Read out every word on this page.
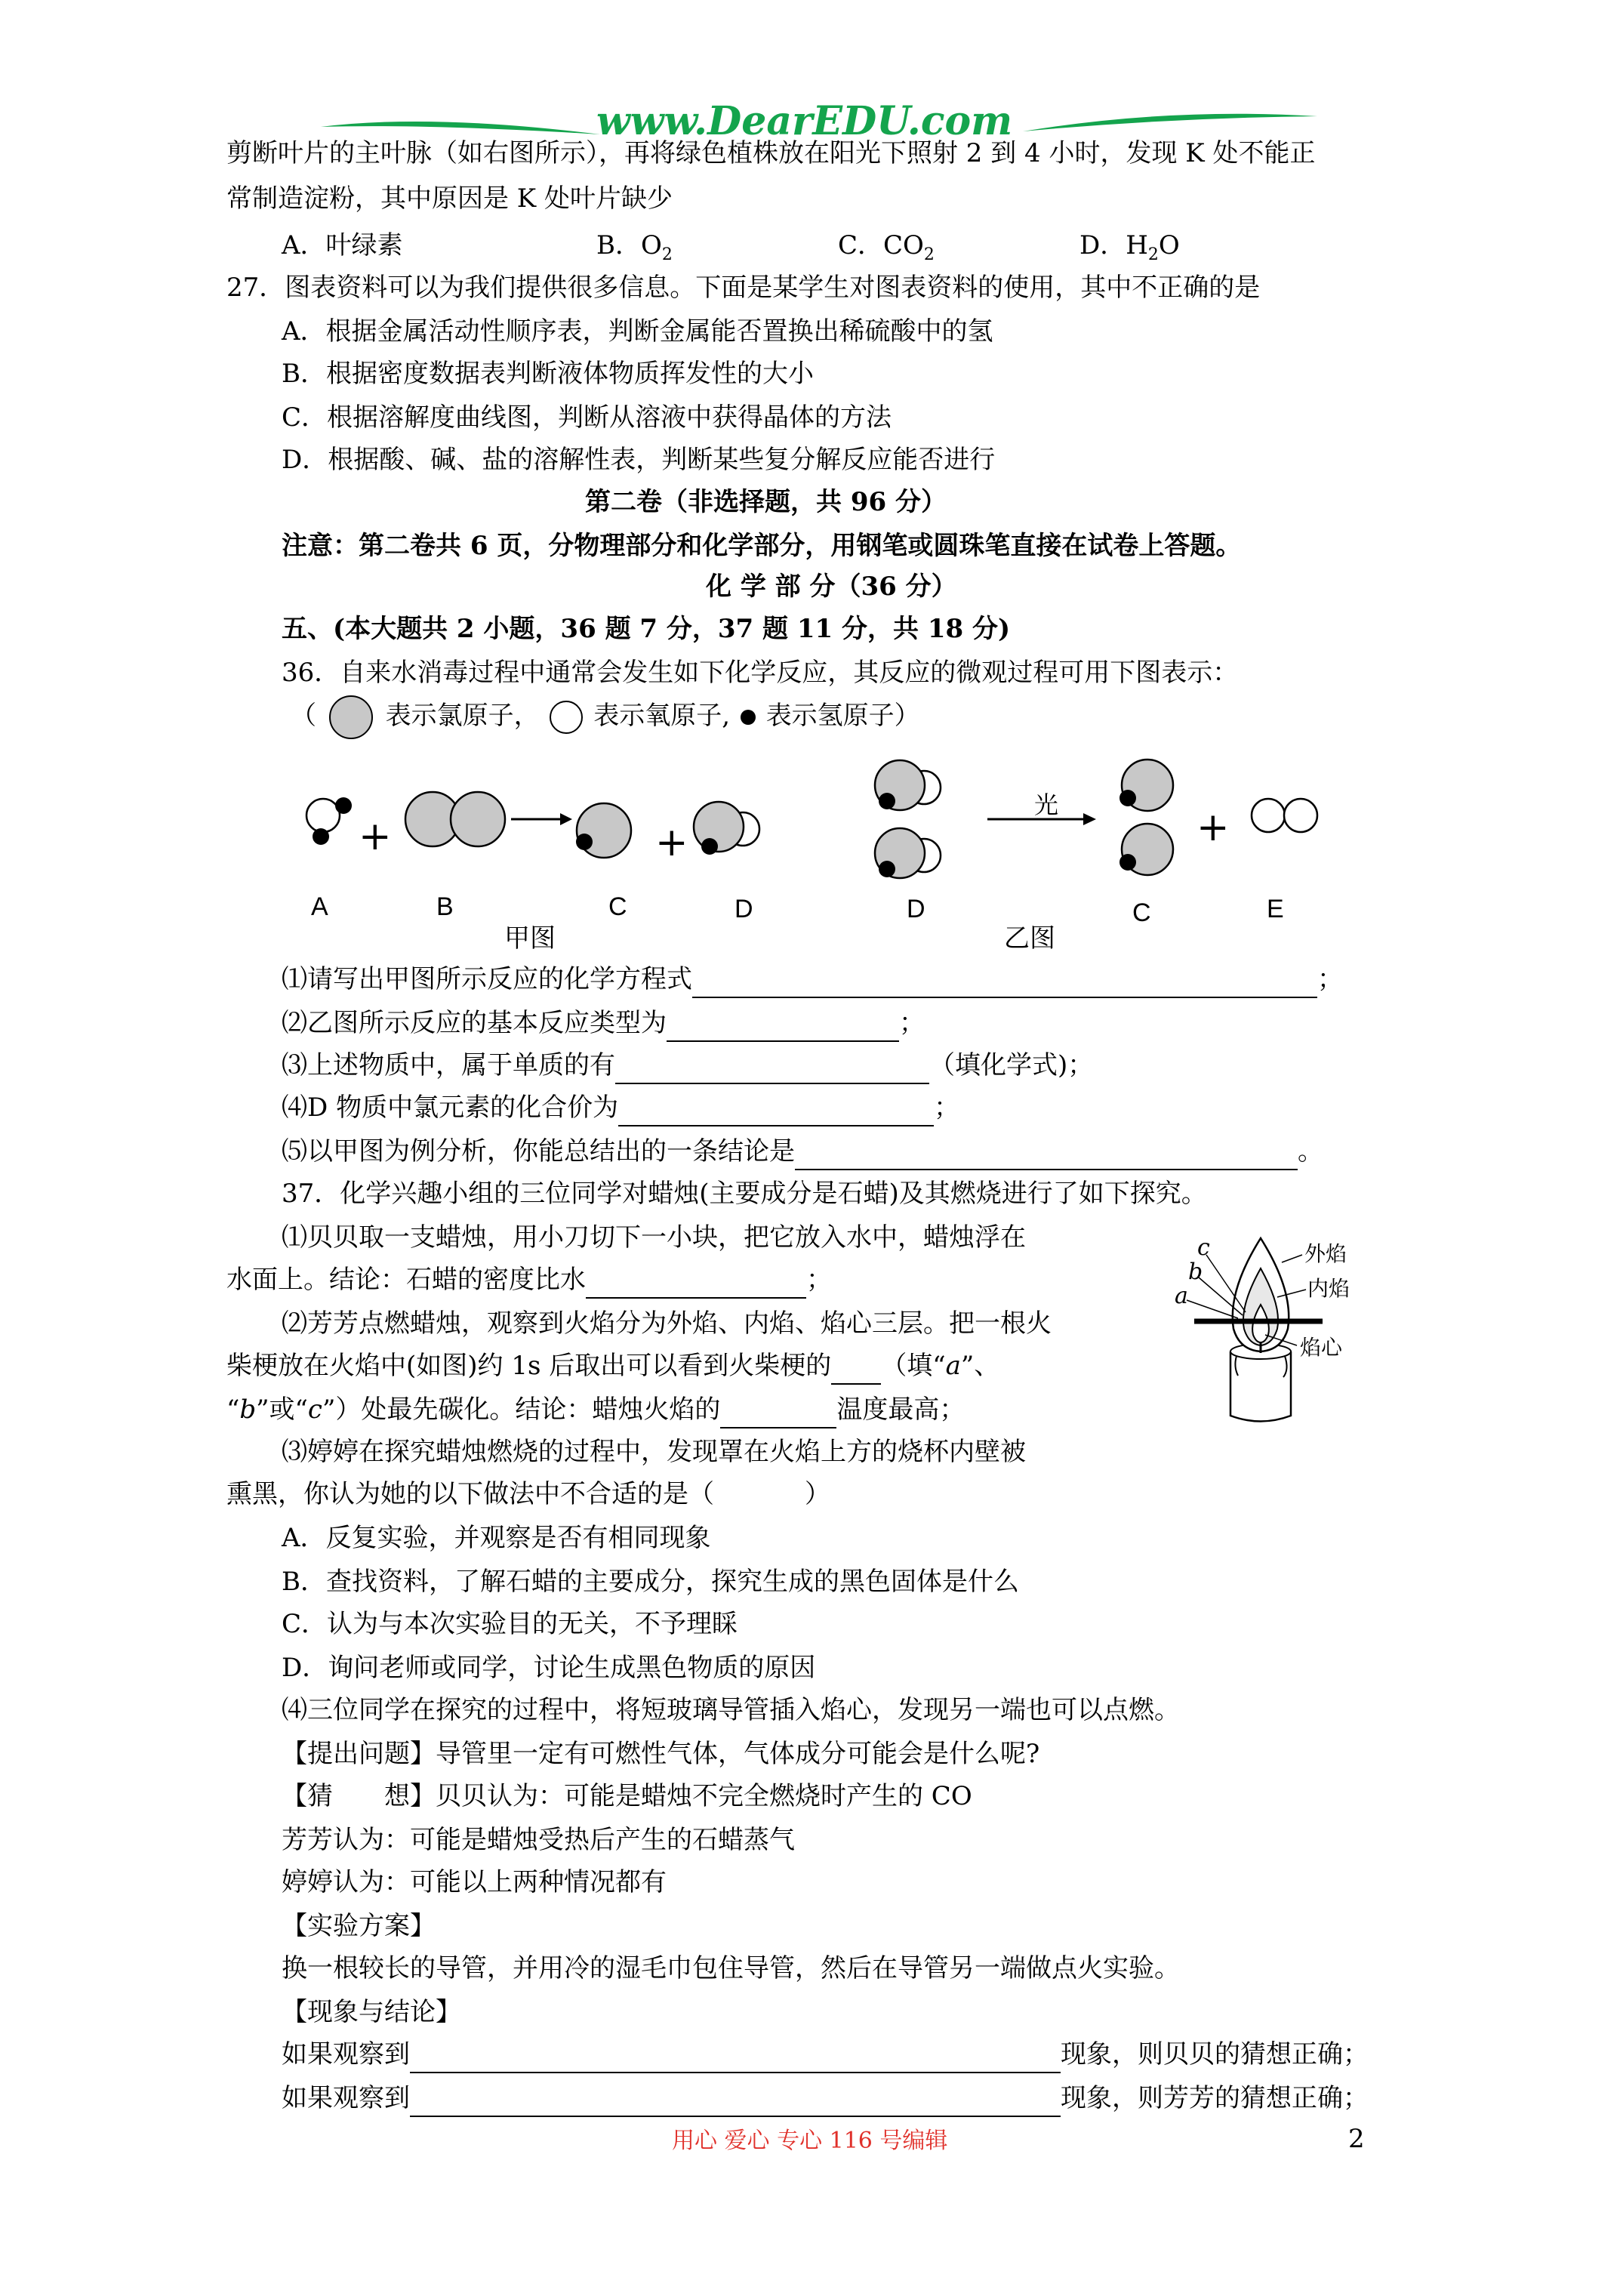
www.DearEDU.com
剪断叶片的主叶脉（如右图所示），再将绿色植株放在阳光下照射 2 到 4 小时，发现 K 处不能正
常制造淀粉，其中原因是 K 处叶片缺少
A．叶绿素	B．$O_2$	C．$CO_2$	D．$H_2O$
27．图表资料可以为我们提供很多信息。下面是某学生对图表资料的使用，其中不正确的是
A．根据金属活动性顺序表，判断金属能否置换出稀硫酸中的氢
B．根据密度数据表判断液体物质挥发性的大小
C．根据溶解度曲线图，判断从溶液中获得晶体的方法
D．根据酸、碱、盐的溶解性表，判断某些复分解反应能否进行
第二卷（非选择题，共 96 分）
注意：第二卷共 6 页，分物理部分和化学部分，用钢笔或圆珠笔直接在试卷上答题。
化 学 部 分（36 分）
五、(本大题共 2 小题，36 题 7 分，37 题 11 分，共 18 分)
36．自来水消毒过程中通常会发生如下化学反应，其反应的微观过程可用下图表示：
（	表示氯原子， 表示氧原子, 表示氢原子）
+	+
光	+
A	B	C	D	D	C	E
甲图	乙图
⑴请写出甲图所示反应的化学方程式	；
⑵乙图所示反应的基本反应类型为	；
⑶上述物质中，属于单质的有	（填化学式)；
⑷D 物质中氯元素的化合价为	；
⑸以甲图为例分析，你能总结出的一条结论是	。
37．化学兴趣小组的三位同学对蜡烛(主要成分是石蜡)及其燃烧进行了如下探究。
⑴贝贝取一支蜡烛，用小刀切下一小块，把它放入水中，蜡烛浮在
水面上。结论：石蜡的密度比水	；
⑵芳芳点燃蜡烛，观察到火焰分为外焰、内焰、焰心三层。把一根火
柴梗放在火焰中(如图)约 1s 后取出可以看到火柴梗的 （填“a”、
“b”或“c”）处最先碳化。结论：蜡烛火焰的	温度最高；
外焰
内焰
焰心
c
b
a
⑶婷婷在探究蜡烛燃烧的过程中，发现罩在火焰上方的烧杯内壁被
熏黑，你认为她的以下做法中不合适的是（	）
A．反复实验，并观察是否有相同现象
B．查找资料，了解石蜡的主要成分，探究生成的黑色固体是什么
C．认为与本次实验目的无关，不予理睬
D．询问老师或同学，讨论生成黑色物质的原因
⑷三位同学在探究的过程中，将短玻璃导管插入焰心，发现另一端也可以点燃。
【提出问题】导管里一定有可燃性气体，气体成分可能会是什么呢?
【猜　　想】贝贝认为：可能是蜡烛不完全燃烧时产生的 CO
芳芳认为：可能是蜡烛受热后产生的石蜡蒸气
婷婷认为：可能以上两种情况都有
【实验方案】
换一根较长的导管，并用冷的湿毛巾包住导管，然后在导管另一端做点火实验。
【现象与结论】
如果观察到	现象，则贝贝的猜想正确；
如果观察到	现象，则芳芳的猜想正确；
用心 爱心 专心 116 号编辑	2
